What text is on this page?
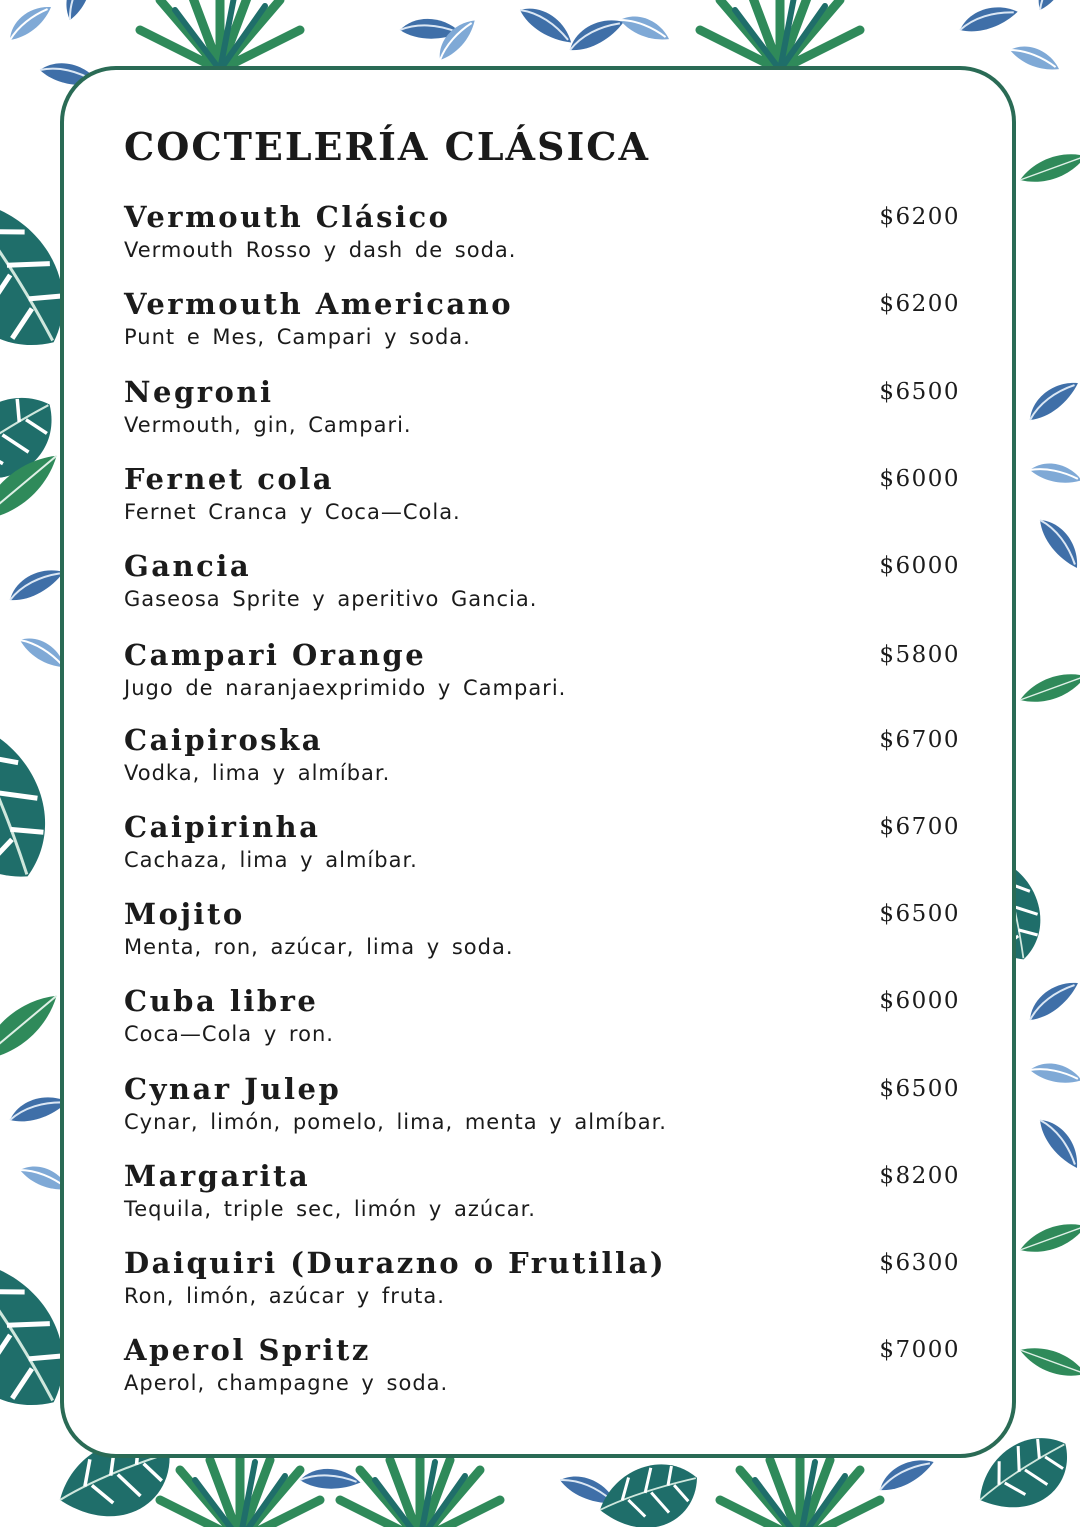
COCTELERÍA CLÁSICA
Vermouth Clásico	$6200
Vermouth Rosso y dash de soda.
Vermouth Americano	$6200
Punt e Mes, Campari y soda.
Negroni	$6500
Vermouth, gin, Campari.
Fernet cola	$6000
Fernet Cranca y Coca—Cola.
Gancia	$6000
Gaseosa Sprite y aperitivo Gancia.
Campari Orange	$5800
Jugo de naranjaexprimido y Campari.
Caipiroska	$6700
Vodka, lima y almíbar.
Caipirinha	$6700
Cachaza, lima y almíbar.
Mojito	$6500
Menta, ron, azúcar, lima y soda.
Cuba libre	$6000
Coca—Cola y ron.
Cynar Julep	$6500
Cynar, limón, pomelo, lima, menta y almíbar.
Margarita	$8200
Tequila, triple sec, limón y azúcar.
Daiquiri (Durazno o Frutilla)	$6300
Ron, limón, azúcar y fruta.
Aperol Spritz	$7000
Aperol, champagne y soda.
